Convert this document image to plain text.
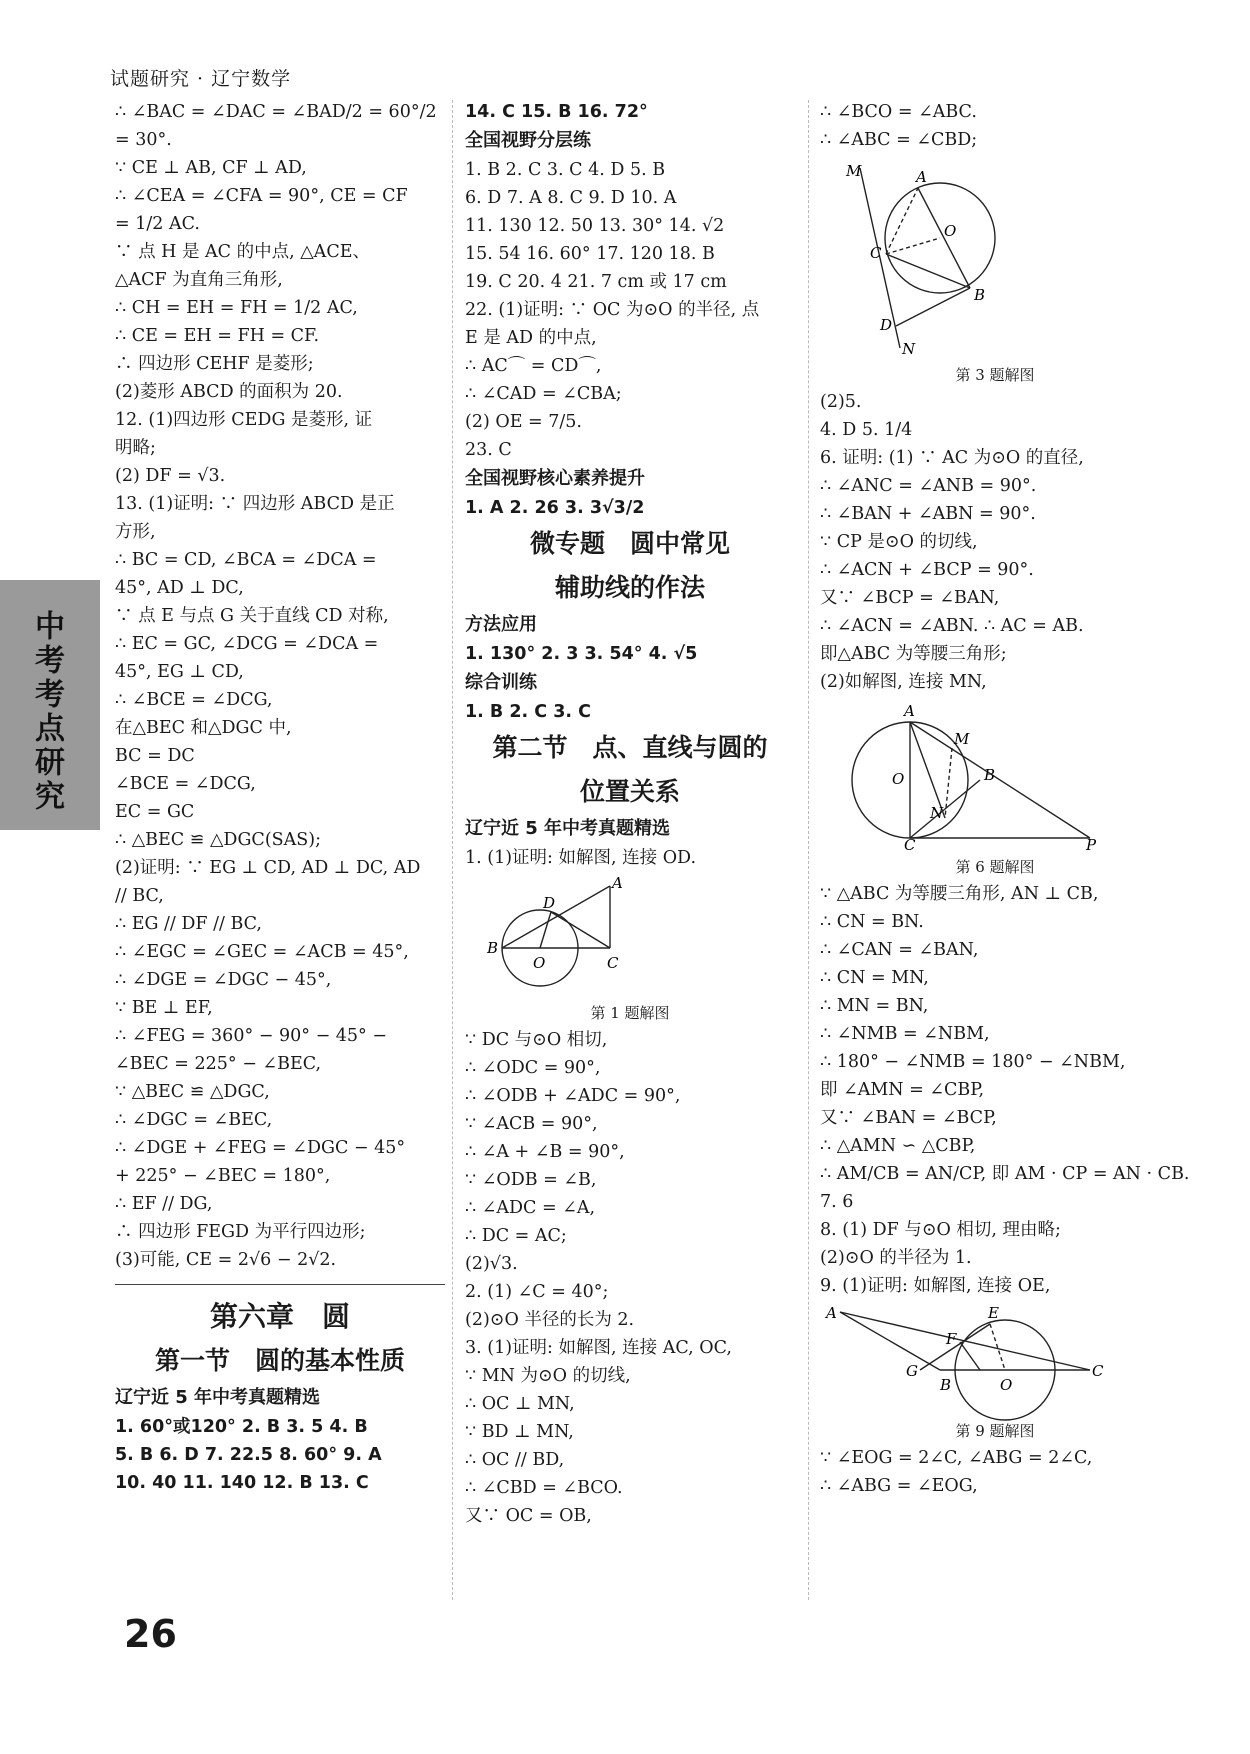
试题研究 · 辽宁数学
中考考点研究
26
∴ ∠BAC = ∠DAC = ∠BAD/2 = 60°/2
= 30°.
∵ CE ⊥ AB, CF ⊥ AD,
∴ ∠CEA = ∠CFA = 90°, CE = CF
= 1/2 AC.
∵ 点 H 是 AC 的中点, △ACE、
△ACF 为直角三角形,
∴ CH = EH = FH = 1/2 AC,
∴ CE = EH = FH = CF.
∴ 四边形 CEHF 是菱形;
(2)菱形 ABCD 的面积为 20.
12. (1)四边形 CEDG 是菱形, 证
明略;
(2) DF = √3.
13. (1)证明: ∵ 四边形 ABCD 是正
方形,
∴ BC = CD, ∠BCA = ∠DCA =
45°, AD ⊥ DC,
∵ 点 E 与点 G 关于直线 CD 对称,
∴ EC = GC, ∠DCG = ∠DCA =
45°, EG ⊥ CD,
∴ ∠BCE = ∠DCG,
在△BEC 和△DGC 中,
BC = DC
∠BCE = ∠DCG,
EC = GC
∴ △BEC ≌ △DGC(SAS);
(2)证明: ∵ EG ⊥ CD, AD ⊥ DC, AD
// BC,
∴ EG // DF // BC,
∴ ∠EGC = ∠GEC = ∠ACB = 45°,
∴ ∠DGE = ∠DGC − 45°,
∵ BE ⊥ EF,
∴ ∠FEG = 360° − 90° − 45° −
∠BEC = 225° − ∠BEC,
∵ △BEC ≌ △DGC,
∴ ∠DGC = ∠BEC,
∴ ∠DGE + ∠FEG = ∠DGC − 45°
+ 225° − ∠BEC = 180°,
∴ EF // DG,
∴ 四边形 FEGD 为平行四边形;
(3)可能, CE = 2√6 − 2√2.
第六章　圆
第一节　圆的基本性质
辽宁近 5 年中考真题精选
1. 60°或120° 2. B 3. 5 4. B
5. B 6. D 7. 22.5 8. 60° 9. A
10. 40 11. 140 12. B 13. C
14. C 15. B 16. 72°
全国视野分层练
1. B 2. C 3. C 4. D 5. B
6. D 7. A 8. C 9. D 10. A
11. 130 12. 50 13. 30° 14. √2
15. 54 16. 60° 17. 120 18. B
19. C 20. 4 21. 7 cm 或 17 cm
22. (1)证明: ∵ OC 为⊙O 的半径, 点
E 是 AD 的中点,
∴ AC⌒ = CD⌒,
∴ ∠CAD = ∠CBA;
(2) OE = 7/5.
23. C
全国视野核心素养提升
1. A 2. 26 3. 3√3/2
微专题　圆中常见
辅助线的作法
方法应用
1. 130° 2. 3 3. 54° 4. √5
综合训练
1. B 2. C 3. C
第二节　点、直线与圆的
位置关系
辽宁近 5 年中考真题精选
1. (1)证明: 如解图, 连接 OD.
A
D
B
O	C
第 1 题解图
∵ DC 与⊙O 相切,
∴ ∠ODC = 90°,
∴ ∠ODB + ∠ADC = 90°,
∵ ∠ACB = 90°,
∴ ∠A + ∠B = 90°,
∵ ∠ODB = ∠B,
∴ ∠ADC = ∠A,
∴ DC = AC;
(2)√3.
2. (1) ∠C = 40°;
(2)⊙O 半径的长为 2.
3. (1)证明: 如解图, 连接 AC, OC,
∵ MN 为⊙O 的切线,
∴ OC ⊥ MN,
∵ BD ⊥ MN,
∴ OC // BD,
∴ ∠CBD = ∠BCO.
又∵ OC = OB,
∴ ∠BCO = ∠ABC.
∴ ∠ABC = ∠CBD;
M	A
O
C
D
B
N
第 3 题解图
(2)5.
4. D 5. 1/4
6. 证明: (1) ∵ AC 为⊙O 的直径,
∴ ∠ANC = ∠ANB = 90°.
∴ ∠BAN + ∠ABN = 90°.
∵ CP 是⊙O 的切线,
∴ ∠ACN + ∠BCP = 90°.
又∵ ∠BCP = ∠BAN,
∴ ∠ACN = ∠ABN. ∴ AC = AB.
即△ABC 为等腰三角形;
(2)如解图, 连接 MN,
A
M
O	B
N
C	P
第 6 题解图
∵ △ABC 为等腰三角形, AN ⊥ CB,
∴ CN = BN.
∴ ∠CAN = ∠BAN,
∴ CN = MN,
∴ MN = BN,
∴ ∠NMB = ∠NBM,
∴ 180° − ∠NMB = 180° − ∠NBM,
即 ∠AMN = ∠CBP,
又∵ ∠BAN = ∠BCP,
∴ △AMN ∽ △CBP,
∴ AM/CB = AN/CP, 即 AM · CP = AN · CB.
7. 6
8. (1) DF 与⊙O 相切, 理由略;
(2)⊙O 的半径为 1.
9. (1)证明: 如解图, 连接 OE,
A	E
F
G
B	O
C
第 9 题解图
∵ ∠EOG = 2∠C, ∠ABG = 2∠C,
∴ ∠ABG = ∠EOG,
